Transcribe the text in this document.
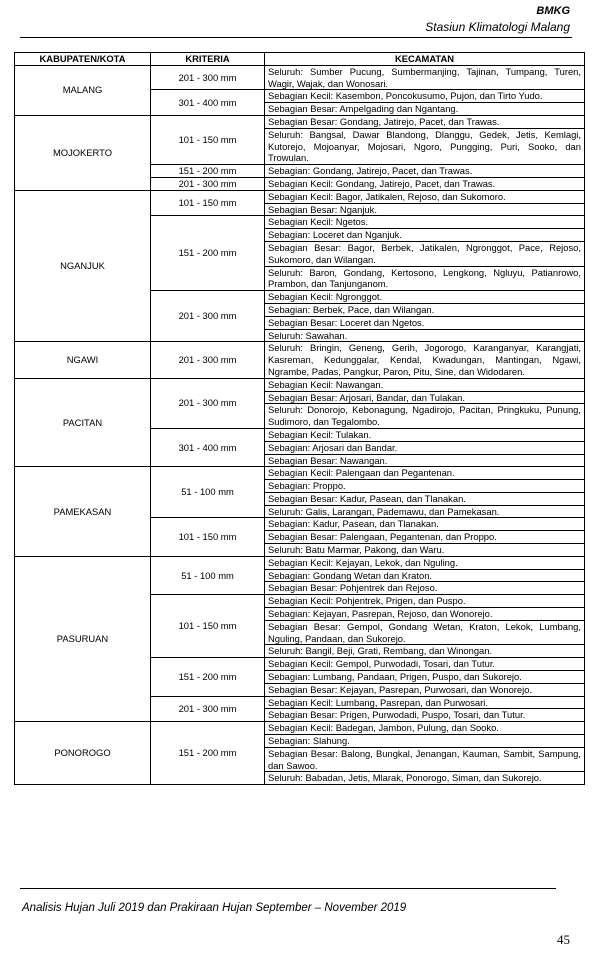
BMKG
Stasiun Klimatologi Malang
KABUPATEN/KOTA	KRITERIA	KECAMATAN
MALANG	201 - 300 mm	Seluruh: Sumber Pucung, Sumbermanjing, Tajinan, Tumpang, Turen, Wagir, Wajak, dan Wonosari.
	301 - 400 mm	Sebagian Kecil: Kasembon, Poncokusumo, Pujon, dan Tirto Yudo.
		Sebagian Besar: Ampelgading dan Ngantang.
MOJOKERTO	101 - 150 mm	Sebagian Besar: Gondang, Jatirejo, Pacet, dan Trawas.
		Seluruh: Bangsal, Dawar Blandong, Dlanggu, Gedek, Jetis, Kemlagi, Kutorejo, Mojoanyar, Mojosari, Ngoro, Pungging, Puri, Sooko, dan Trowulan.
	151 - 200 mm	Sebagian: Gondang, Jatirejo, Pacet, dan Trawas.
	201 - 300 mm	Sebagian Kecil: Gondang, Jatirejo, Pacet, dan Trawas.
NGANJUK	101 - 150 mm	Sebagian Kecil: Bagor, Jatikalen, Rejoso, dan Sukomoro.
		Sebagian Besar: Nganjuk.
	151 - 200 mm	Sebagian Kecil: Ngetos.
		Sebagian: Loceret dan Nganjuk.
		Sebagian Besar: Bagor, Berbek, Jatikalen, Ngronggot, Pace, Rejoso, Sukomoro, dan Wilangan.
		Seluruh: Baron, Gondang, Kertosono, Lengkong, Ngluyu, Patianrowo, Prambon, dan Tanjunganom.
	201 - 300 mm	Sebagian Kecil: Ngronggot.
		Sebagian: Berbek, Pace, dan Wilangan.
		Sebagian Besar: Loceret dan Ngetos.
		Seluruh: Sawahan.
NGAWI	201 - 300 mm	Seluruh: Bringin, Geneng, Gerih, Jogorogo, Karanganyar, Karangjati, Kasreman, Kedunggalar, Kendal, Kwadungan, Mantingan, Ngawi, Ngrambe, Padas, Pangkur, Paron, Pitu, Sine, dan Widodaren.
PACITAN	201 - 300 mm	Sebagian Kecil: Nawangan.
		Sebagian Besar: Arjosari, Bandar, dan Tulakan.
		Seluruh: Donorojo, Kebonagung, Ngadirojo, Pacitan, Pringkuku, Punung, Sudimoro, dan Tegalombo.
	301 - 400 mm	Sebagian Kecil: Tulakan.
		Sebagian: Arjosari dan Bandar.
		Sebagian Besar: Nawangan.
PAMEKASAN	51 - 100 mm	Sebagian Kecil: Palengaan dan Pegantenan.
		Sebagian: Proppo.
		Sebagian Besar: Kadur, Pasean, dan Tlanakan.
		Seluruh: Galis, Larangan, Pademawu, dan Pamekasan.
	101 - 150 mm	Sebagian: Kadur, Pasean, dan Tlanakan.
		Sebagian Besar: Palengaan, Pegantenan, dan Proppo.
		Seluruh: Batu Marmar, Pakong, dan Waru.
PASURUAN	51 - 100 mm	Sebagian Kecil: Kejayan, Lekok, dan Nguling.
		Sebagian: Gondang Wetan dan Kraton.
		Sebagian Besar: Pohjentrek dan Rejoso.
	101 - 150 mm	Sebagian Kecil: Pohjentrek, Prigen, dan Puspo.
		Sebagian: Kejayan, Pasrepan, Rejoso, dan Wonorejo.
		Sebagian Besar: Gempol, Gondang Wetan, Kraton, Lekok, Lumbang, Nguling, Pandaan, dan Sukorejo.
		Seluruh: Bangil, Beji, Grati, Rembang, dan Winongan.
	151 - 200 mm	Sebagian Kecil: Gempol, Purwodadi, Tosari, dan Tutur.
		Sebagian: Lumbang, Pandaan, Prigen, Puspo, dan Sukorejo.
		Sebagian Besar: Kejayan, Pasrepan, Purwosari, dan Wonorejo.
	201 - 300 mm	Sebagian Kecil: Lumbang, Pasrepan, dan Purwosari.
		Sebagian Besar: Prigen, Purwodadi, Puspo, Tosari, dan Tutur.
PONOROGO	151 - 200 mm	Sebagian Kecil: Badegan, Jambon, Pulung, dan Sooko.
		Sebagian: Slahung.
		Sebagian Besar: Balong, Bungkal, Jenangan, Kauman, Sambit, Sampung, dan Sawoo.
		Seluruh: Babadan, Jetis, Mlarak, Ponorogo, Siman, dan Sukorejo.
Analisis Hujan Juli 2019 dan Prakiraan Hujan September – November 2019
45
